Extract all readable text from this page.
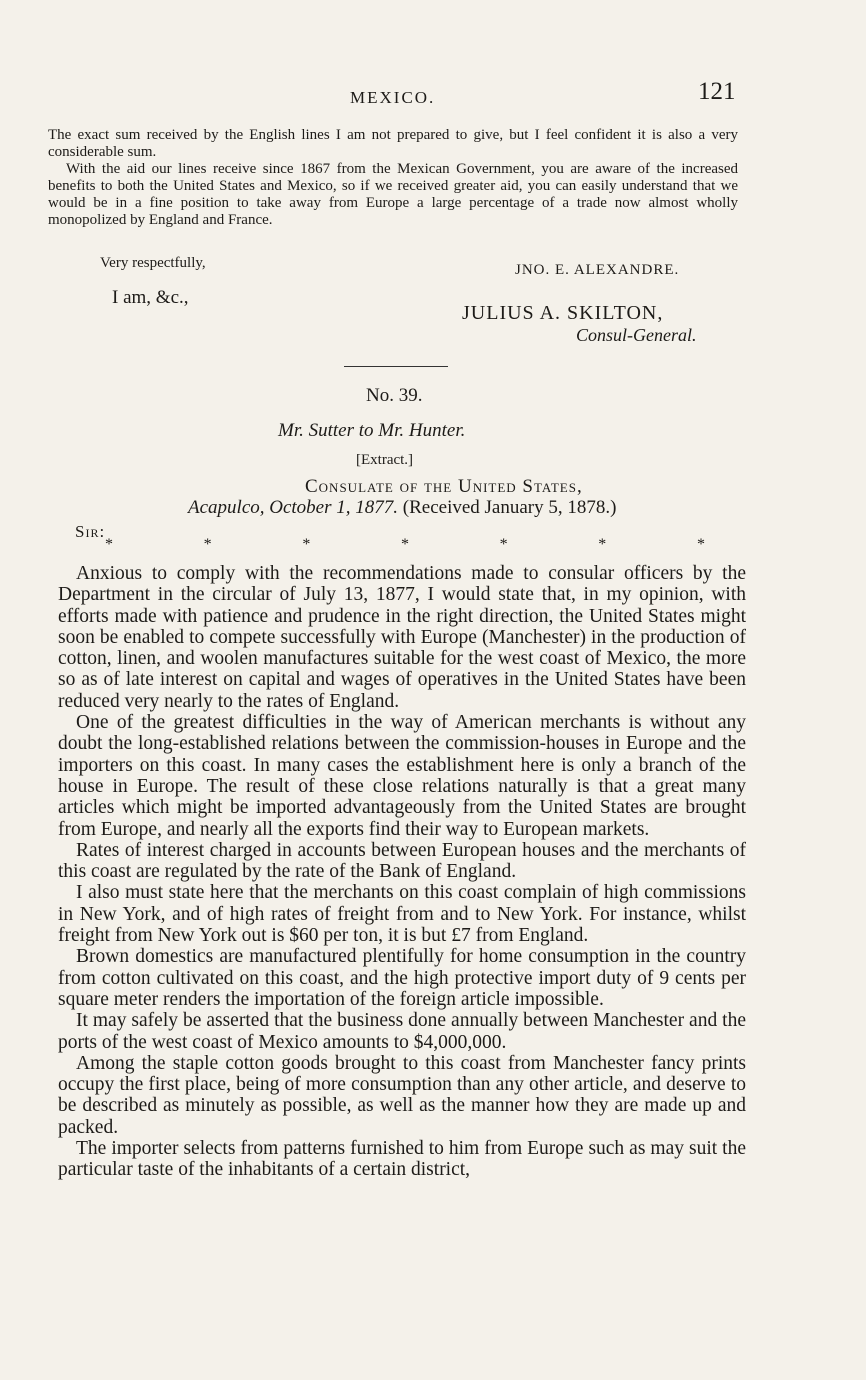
MEXICO.	121

The exact sum received by the English lines I am not prepared to give, but I feel confident it is also a very considerable sum.

With the aid our lines receive since 1867 from the Mexican Government, you are aware of the increased benefits to both the United States and Mexico, so if we received greater aid, you can easily understand that we would be in a fine position to take away from Europe a large percentage of a trade now almost wholly monopolized by England and France.

Very respectfully,	JNO. E. ALEXANDRE.
I am, &c.,
JULIUS A. SKILTON,
Consul-General.
No. 39.
Mr. Sutter to Mr. Hunter.
[Extract.]
Consulate of the United States,
Acapulco, October 1, 1877. (Received January 5, 1878.)
Sir:
*	*	*	*	*	*	*

Anxious to comply with the recommendations made to consular officers by the Department in the circular of July 13, 1877, I would state that, in my opinion, with efforts made with patience and prudence in the right direction, the United States might soon be enabled to compete successfully with Europe (Manchester) in the production of cotton, linen, and woolen manufactures suitable for the west coast of Mexico, the more so as of late interest on capital and wages of operatives in the United States have been reduced very nearly to the rates of England.

One of the greatest difficulties in the way of American merchants is without any doubt the long-established relations between the commission-houses in Europe and the importers on this coast. In many cases the establishment here is only a branch of the house in Europe. The result of these close relations naturally is that a great many articles which might be imported advantageously from the United States are brought from Europe, and nearly all the exports find their way to European markets.

Rates of interest charged in accounts between European houses and the merchants of this coast are regulated by the rate of the Bank of England.

I also must state here that the merchants on this coast complain of high commissions in New York, and of high rates of freight from and to New York. For instance, whilst freight from New York out is $60 per ton, it is but £7 from England.

Brown domestics are manufactured plentifully for home consumption in the country from cotton cultivated on this coast, and the high protective import duty of 9 cents per square meter renders the importation of the foreign article impossible.

It may safely be asserted that the business done annually between Manchester and the ports of the west coast of Mexico amounts to $4,000,000.

Among the staple cotton goods brought to this coast from Manchester fancy prints occupy the first place, being of more consumption than any other article, and deserve to be described as minutely as possible, as well as the manner how they are made up and packed.

The importer selects from patterns furnished to him from Europe such as may suit the particular taste of the inhabitants of a certain district,
